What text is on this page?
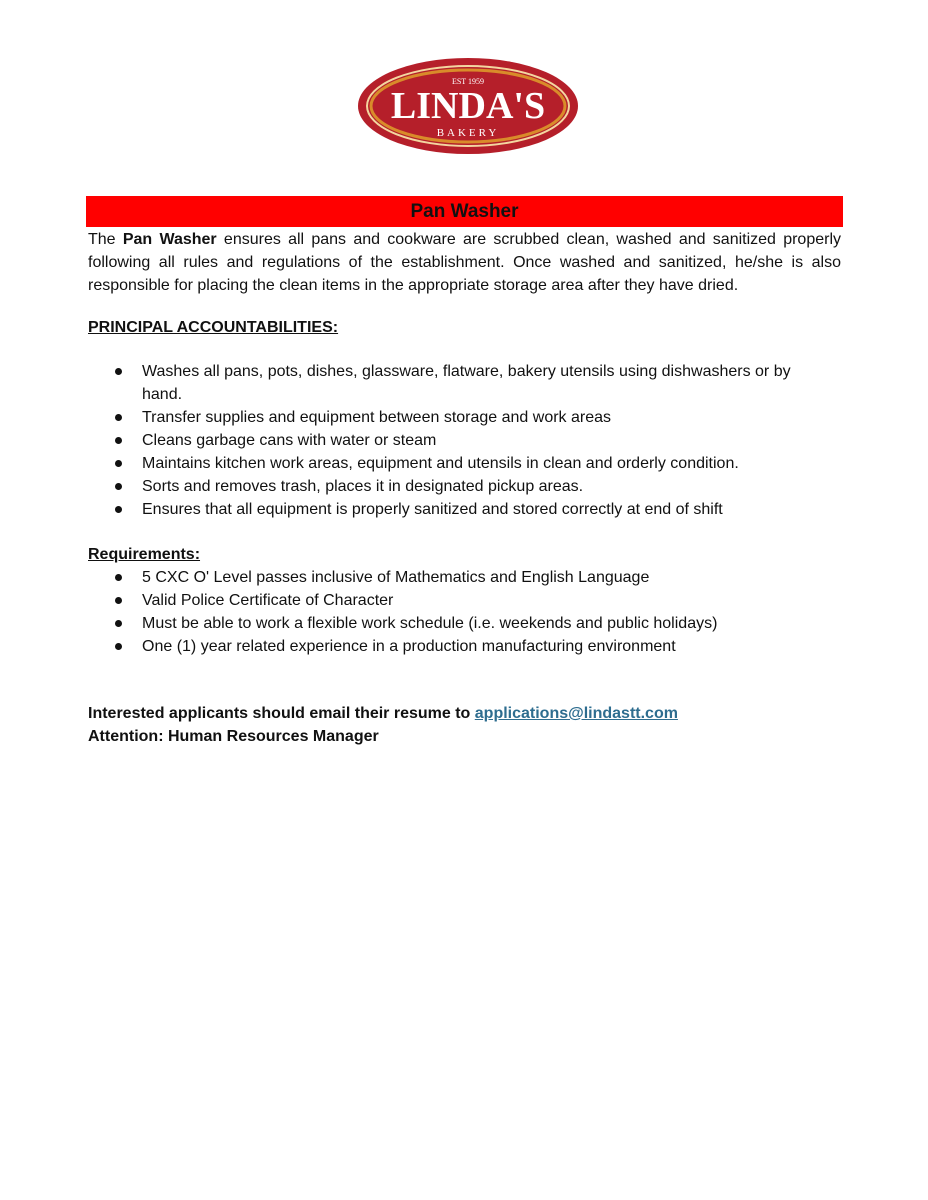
EST 1959
LINDA'S
BAKERY
Pan Washer

The Pan Washer ensures all pans and cookware are scrubbed clean, washed and sanitized properly following all rules and regulations of the establishment. Once washed and sanitized, he/she is also responsible for placing the clean items in the appropriate storage area after they have dried.

PRINCIPAL ACCOUNTABILITIES:
Washes all pans, pots, dishes, glassware, flatware, bakery utensils using dishwashers or by hand.
Transfer supplies and equipment between storage and work areas
Cleans garbage cans with water or steam
Maintains kitchen work areas, equipment and utensils in clean and orderly condition.
Sorts and removes trash, places it in designated pickup areas.
Ensures that all equipment is properly sanitized and stored correctly at end of shift
Requirements:
5 CXC O' Level passes inclusive of Mathematics and English Language
Valid Police Certificate of Character
Must be able to work a flexible work schedule (i.e. weekends and public holidays)
One (1) year related experience in a production manufacturing environment
Interested applicants should email their resume to applications@lindastt.com
Attention: Human Resources Manager
